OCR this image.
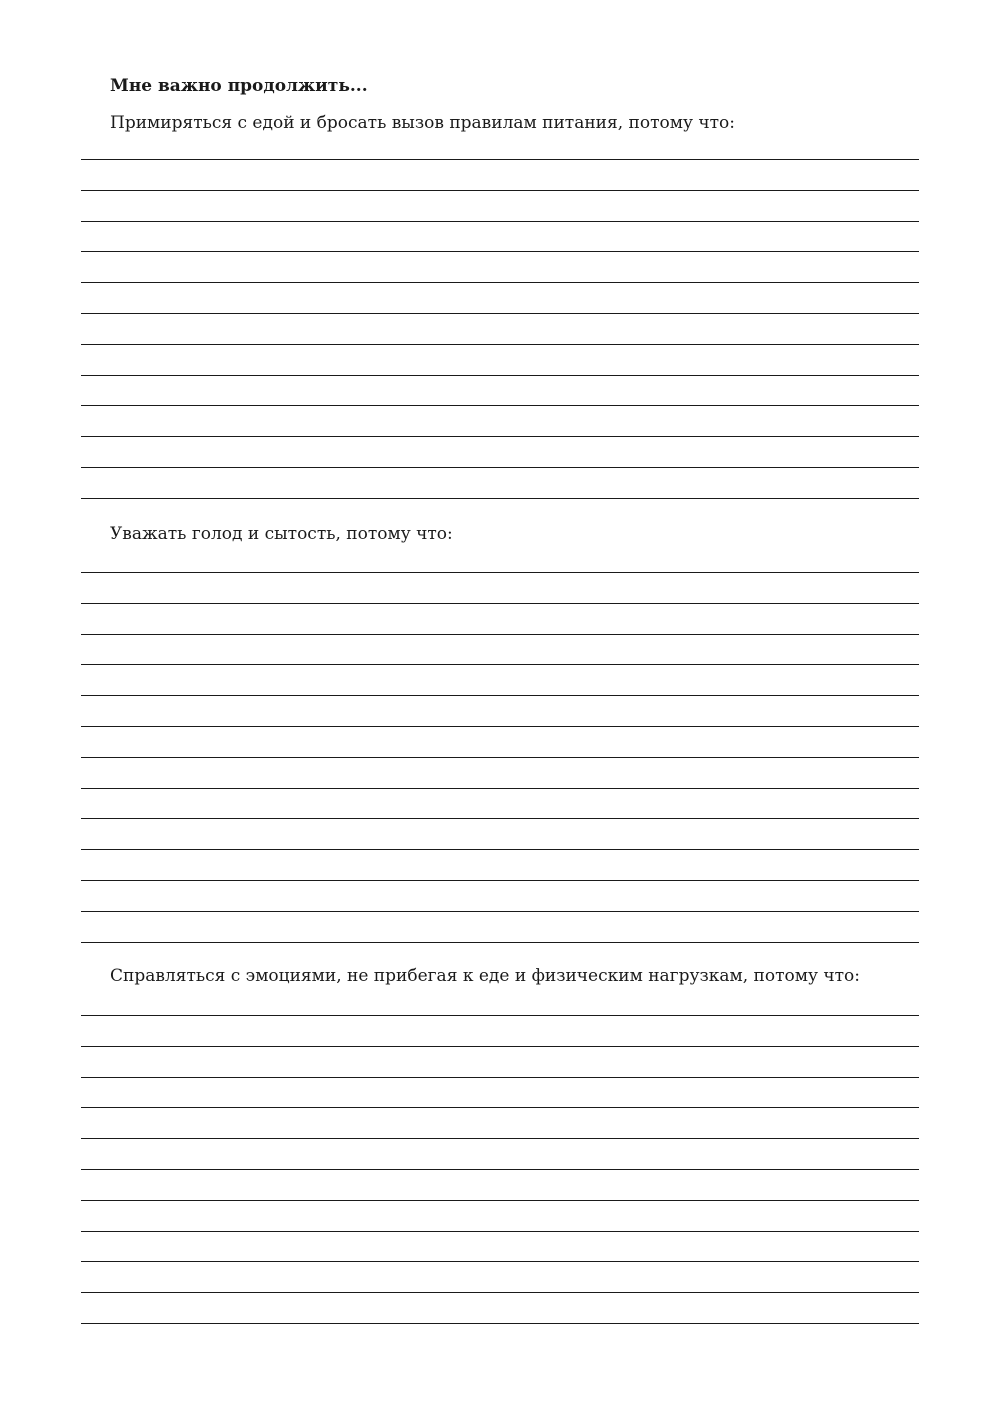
Мне важно продолжить...

Примиряться с едой и бросать вызов правилам питания, потому что:

Уважать голод и сытость, потому что:

Справляться с эмоциями, не прибегая к еде и физическим нагрузкам, потому что:
